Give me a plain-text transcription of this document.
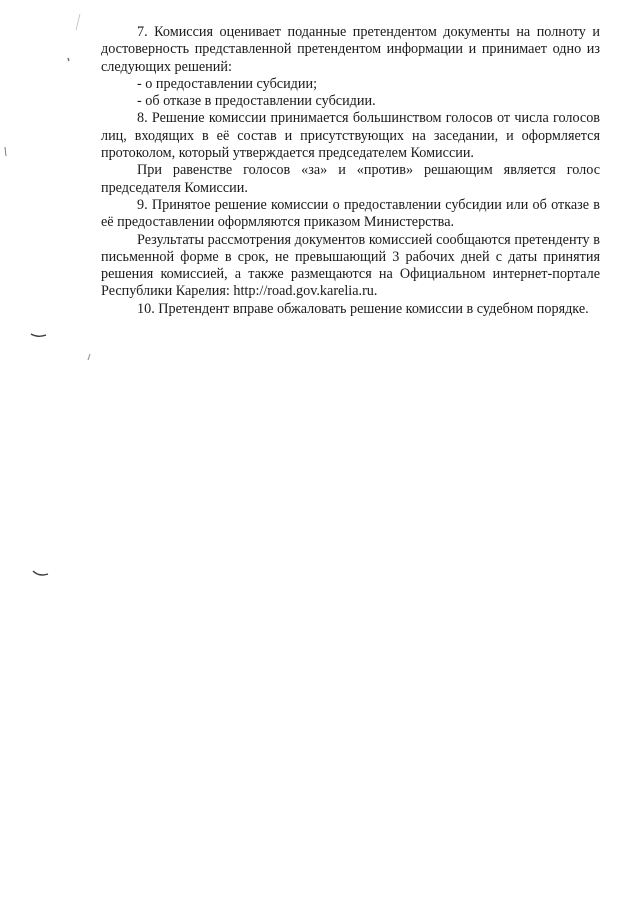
7. Комиссия оценивает поданные претендентом документы на полноту и достоверность представленной претендентом информации и принимает одно из следующих решений:

- о предоставлении субсидии;

- об отказе в предоставлении субсидии.

8. Решение комиссии принимается большинством голосов от числа голосов лиц, входящих в её состав и присутствующих на заседании, и оформляется протоколом, который утверждается председателем Комиссии.

При равенстве голосов «за» и «против» решающим является голос председателя Комиссии.

9. Принятое решение комиссии о предоставлении субсидии или об отказе в её предоставлении оформляются приказом Министерства.

Результаты рассмотрения документов комиссией сообщаются претенденту в письменной форме в срок, не превышающий 3 рабочих дней с даты принятия решения комиссией, а также размещаются на Официальном интернет-портале Республики Карелия: http://road.gov.karelia.ru.

10. Претендент вправе обжаловать решение комиссии в судебном порядке.
